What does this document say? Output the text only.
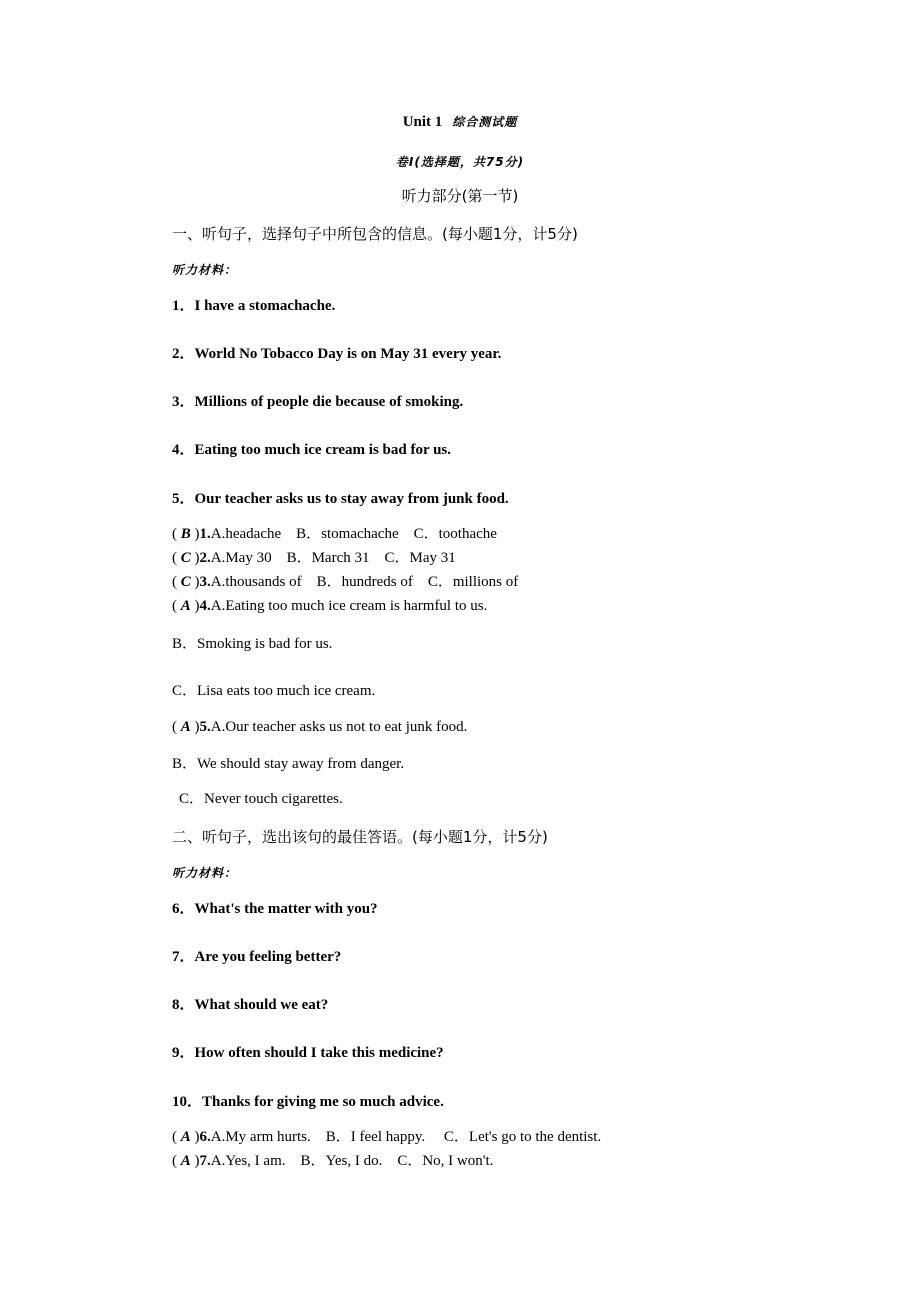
Unit 1 综合测试题
卷Ⅰ(选择题，共75分)
听力部分(第一节)
一、听句子，选择句子中所包含的信息。(每小题1分，计5分)
听力材料：
1．I have a stomachache.
2．World No Tobacco Day is on May 31 every year.
3．Millions of people die because of smoking.
4．Eating too much ice cream is bad for us.
5．Our teacher asks us to stay away from junk food.
( B )1.A.headache　B．stomachache　C．toothache
( C )2.A.May 30　B．March 31　C．May 31
( C )3.A.thousands of　B．hundreds of　C．millions of
( A )4.A.Eating too much ice cream is harmful to us.
B．Smoking is bad for us.
C．Lisa eats too much ice cream.
( A )5.A.Our teacher asks us not to eat junk food.
B．We should stay away from danger.
C．Never touch cigarettes.
二、听句子，选出该句的最佳答语。(每小题1分，计5分)
听力材料：
6．What's the matter with you?
7．Are you feeling better?
8．What should we eat?
9．How often should I take this medicine?
10．Thanks for giving me so much advice.
( A )6.A.My arm hurts.　B．I feel happy.　 C．Let's go to the dentist.
( A )7.A.Yes, I am.　B．Yes, I do.　C．No, I won't.
